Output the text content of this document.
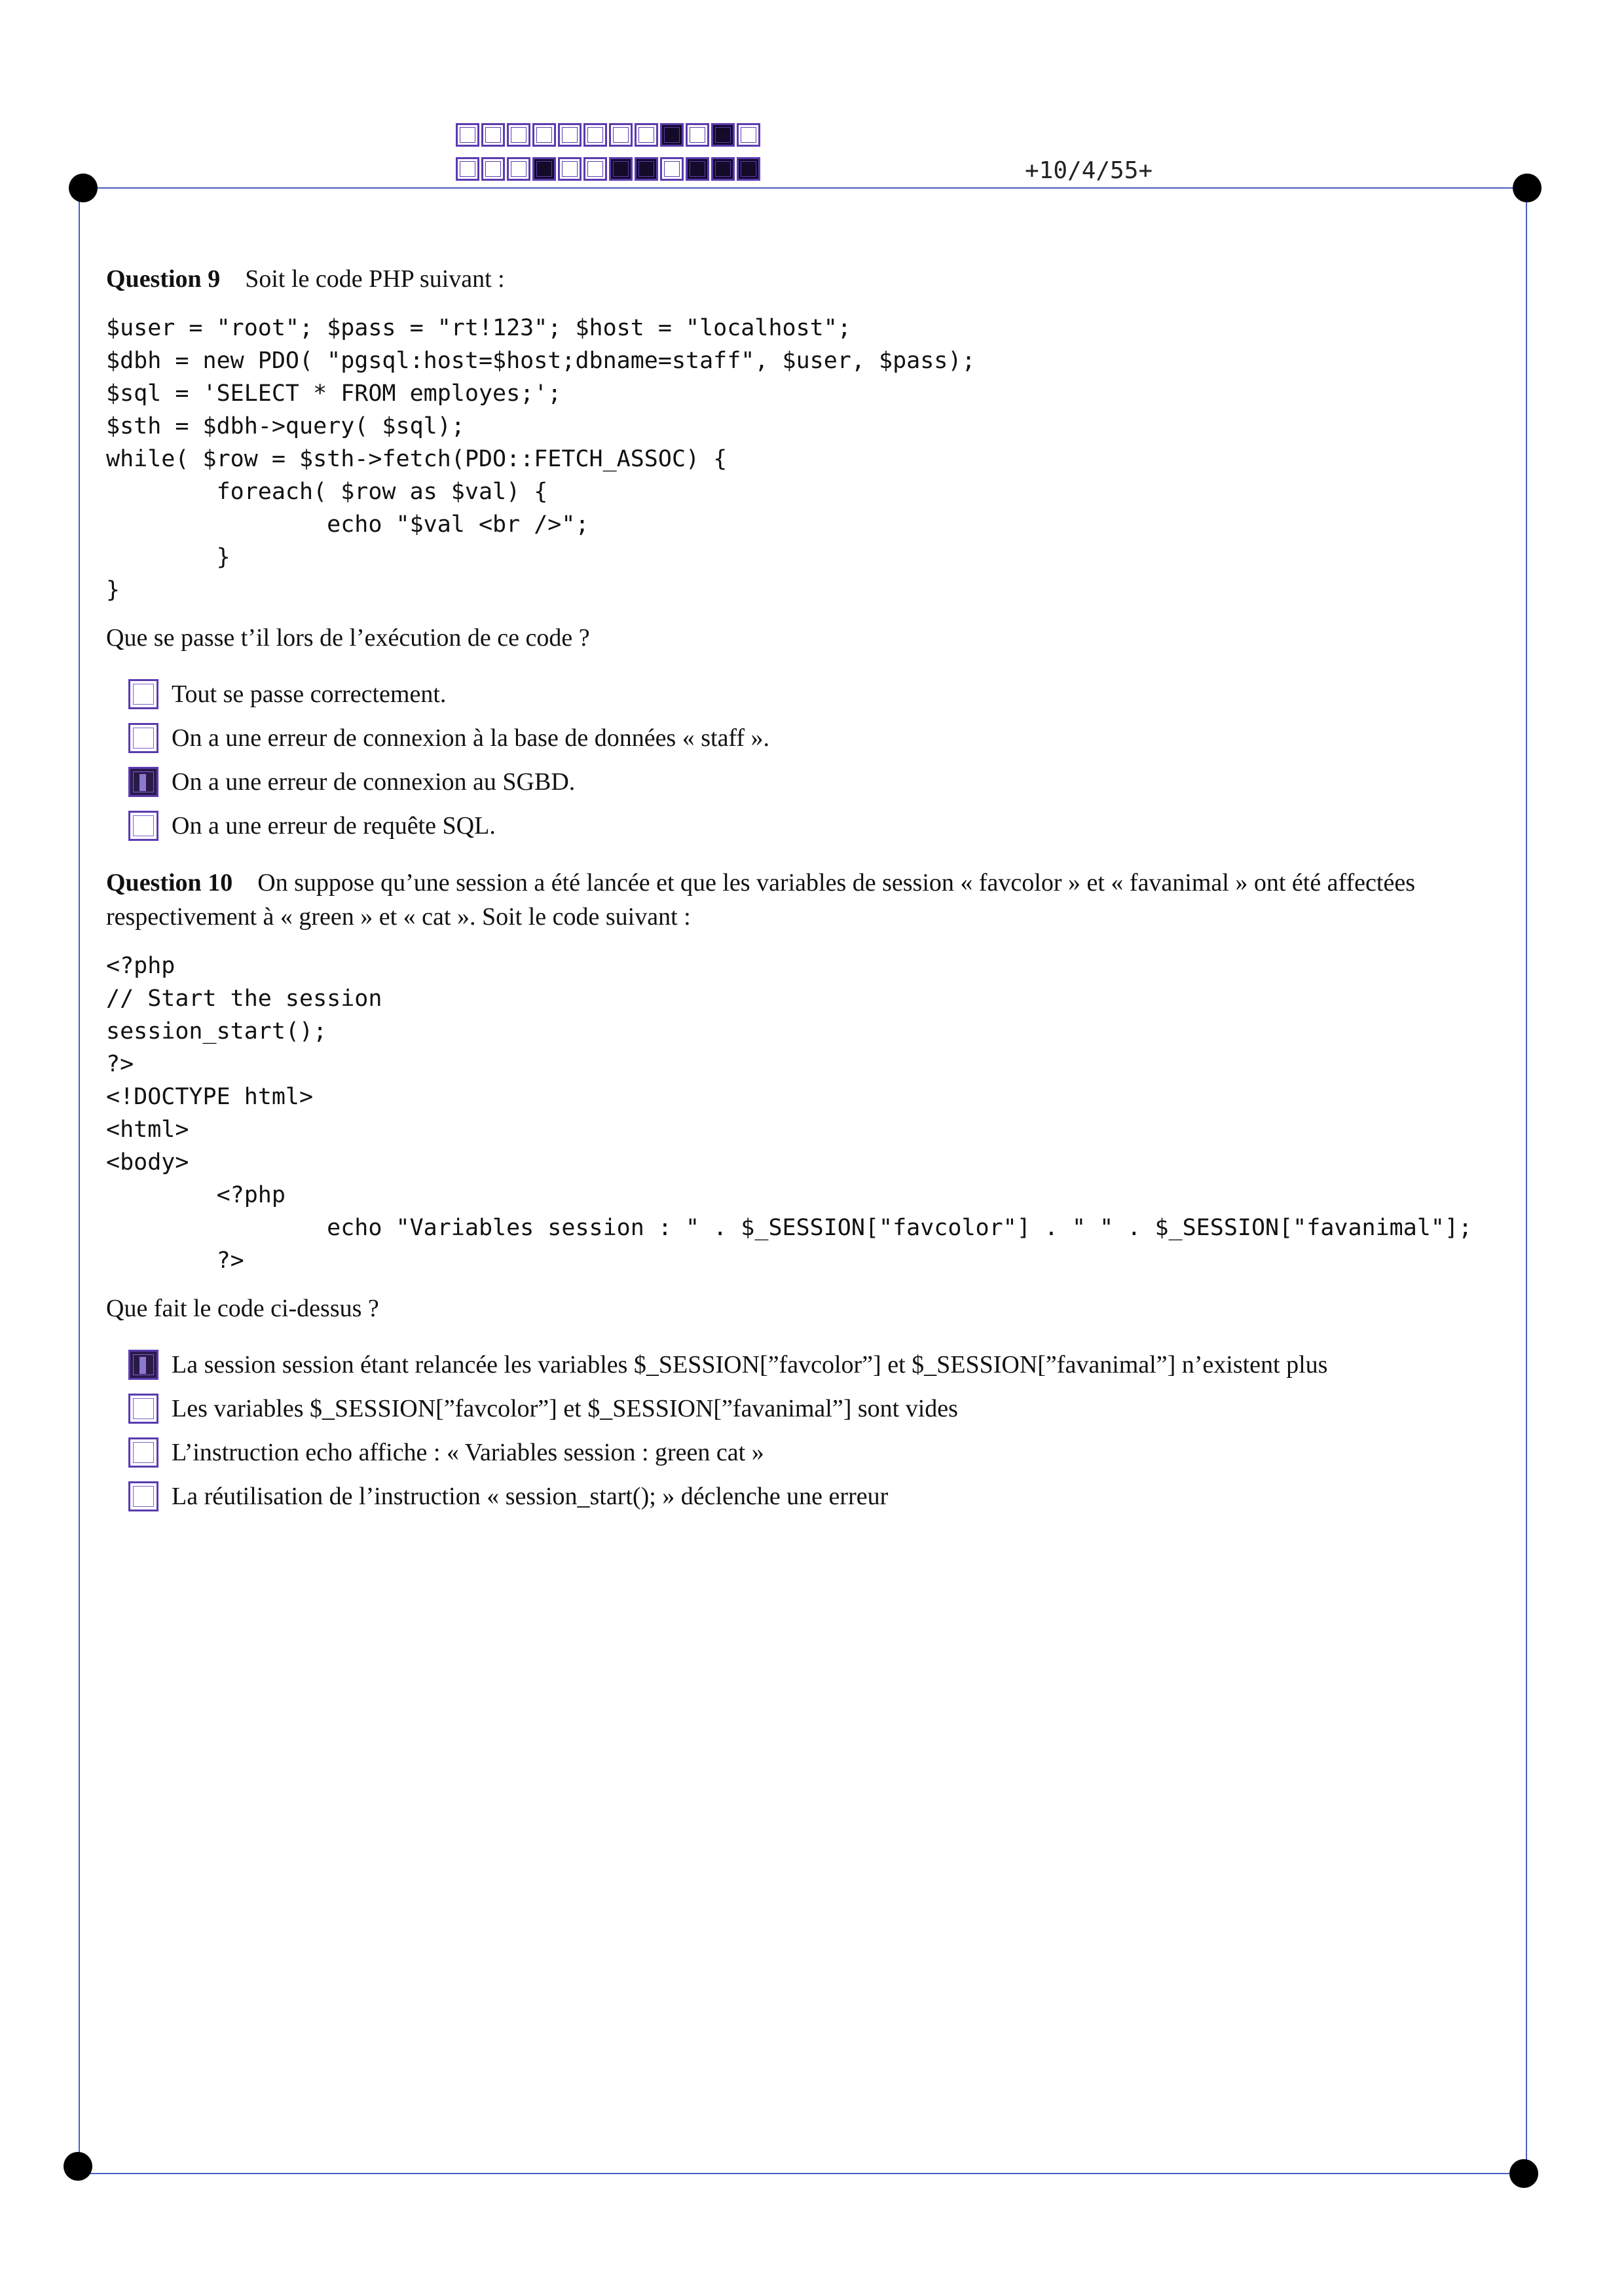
+10/4/55+

Question 9 Soit le code PHP suivant :

$user = "root"; $pass = "rt!123"; $host = "localhost";
$dbh = new PDO( "pgsql:host=$host;dbname=staff", $user, $pass);
$sql = 'SELECT * FROM employes;';
$sth = $dbh->query( $sql);
while( $row = $sth->fetch(PDO::FETCH_ASSOC) {
foreach( $row as $val) {
echo "$val <br />";
}
}

Que se passe t’il lors de l’exécution de ce code ?

Tout se passe correctement.
On a une erreur de connexion à la base de données « staff ».
On a une erreur de connexion au SGBD.
On a une erreur de requête SQL.

Question 10 On suppose qu’une session a été lancée et que les variables de session « favcolor » et « favanimal » ont été affectées respectivement à « green » et « cat ». Soit le code suivant :

<?php
// Start the session
session_start();
?>
<!DOCTYPE html>
<html>
<body>
<?php
echo "Variables session : " . $_SESSION["favcolor"] . " " . $_SESSION["favanimal"];
?>

Que fait le code ci-dessus ?

La session session étant relancée les variables $_SESSION[”favcolor”] et $_SESSION[”favanimal”] n’existent plus
Les variables $_SESSION[”favcolor”] et $_SESSION[”favanimal”] sont vides
L’instruction echo affiche : « Variables session : green cat »
La réutilisation de l’instruction « session_start(); » déclenche une erreur
